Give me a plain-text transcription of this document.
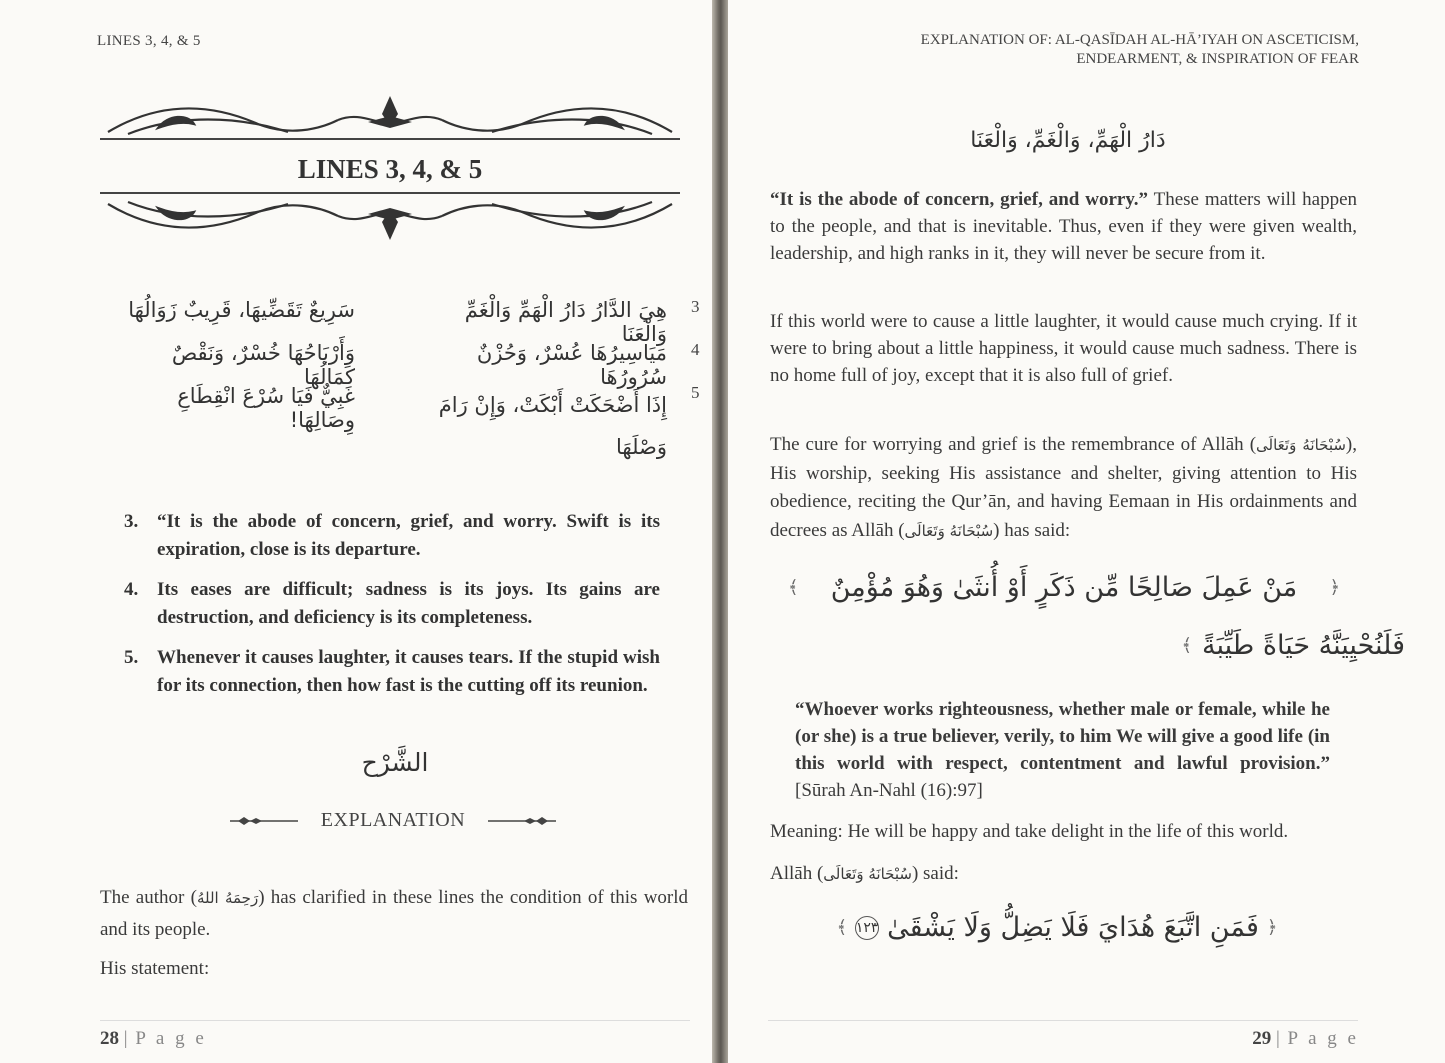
LINES 3, 4, & 5
LINES 3, 4, & 5
3
هِيَ الدَّارُ دَارُ الْهَمِّ وَالْغَمِّ وَالْعَنَا
سَرِيعٌ تَقَضِّيهَا، قَرِيبٌ زَوَالُهَا
4
مَيَاسِيرُهَا عُسْرٌ، وَحُزْنٌ سُرُورُهَا
وَأَرْبَاحُهَا خُسْرٌ، وَنَقْصٌ كَمَالُهَا
5
إِذَا أَضْحَكَتْ أَبْكَتْ، وَإِنْ رَامَ وَصْلَهَا
غَبِيٌّ فَيَا سُرْعَ انْقِطَاعِ وِصَالِهَا!
3. “It is the abode of concern, grief, and worry. Swift is its expiration, close is its departure.
4. Its eases are difficult; sadness is its joys. Its gains are destruction, and deficiency is its completeness.
5. Whenever it causes laughter, it causes tears. If the stupid wish for its connection, then how fast is the cutting off its reunion.
الشَّرْح
EXPLANATION
The author (رَحِمَهُ اللهُ) has clarified in these lines the condition of this world and its people.
His statement:
28 | P a g e
EXPLANATION OF: AL-QASĪDAH AL-HĀ’IYAH ON ASCETICISM,
ENDEARMENT, & INSPIRATION OF FEAR
دَارُ الْهَمِّ، وَالْغَمِّ، وَالْعَنَا
“It is the abode of concern, grief, and worry.” These matters will happen to the people, and that is inevitable. Thus, even if they were given wealth, leadership, and high ranks in it, they will never be secure from it.
If this world were to cause a little laughter, it would cause much crying. If it were to bring about a little happiness, it would cause much sadness. There is no home full of joy, except that it is also full of grief.
The cure for worrying and grief is the remembrance of Allāh (سُبْحَانَهُ وَتَعَالَى), His worship, seeking His assistance and shelter, giving attention to His obedience, reciting the Qur’ān, and having Eemaan in His ordainments and decrees as Allāh (سُبْحَانَهُ وَتَعَالَى) has said:
﴾	مَنْ عَمِلَ صَالِحًا مِّن ذَكَرٍ أَوْ أُنثَىٰ وَهُوَ مُؤْمِنٌ	﴿
﴾ فَلَنُحْيِيَنَّهُ حَيَاةً طَيِّبَةً
“Whoever works righteousness, whether male or female, while he (or she) is a true believer, verily, to him We will give a good life (in this world with respect, contentment and lawful provision.” [Sūrah An-Nahl (16):97]
Meaning: He will be happy and take delight in the life of this world.
Allāh (سُبْحَانَهُ وَتَعَالَى) said:
﴾ ١٢٣ فَمَنِ اتَّبَعَ هُدَايَ فَلَا يَضِلُّ وَلَا يَشْقَىٰ ﴿
29 | P a g e
